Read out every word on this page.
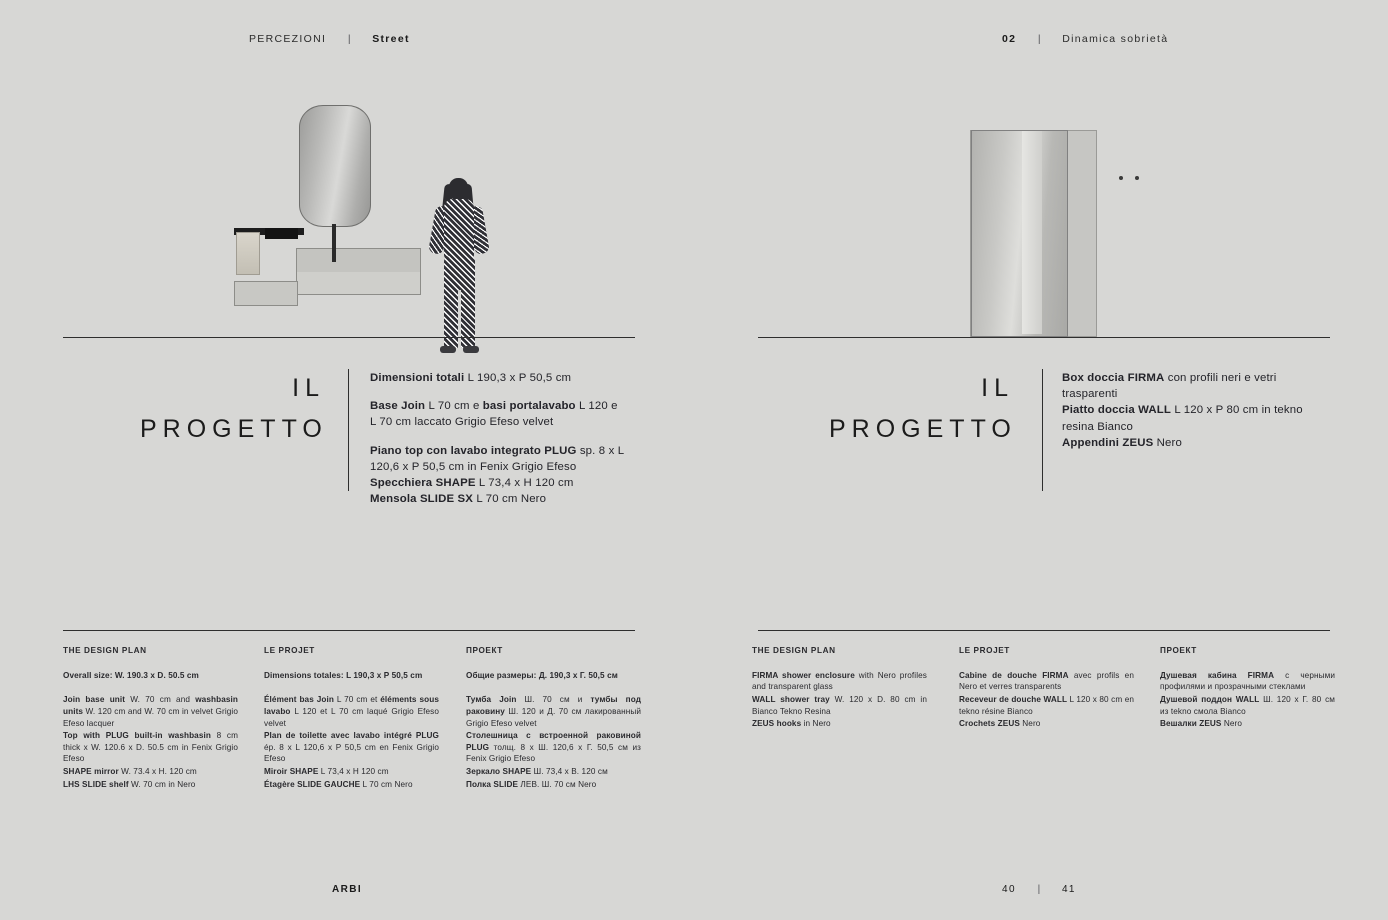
PERCEZIONI	|	Street	02	|	Dinamica sobrietà
IL
PROGETTO

Dimensioni totali L 190,3 x P 50,5 cm

Base Join L 70 cm e basi portalavabo L 120 e L 70 cm laccato Grigio Efeso velvet

Piano top con lavabo integrato PLUG sp. 8 x L 120,6 x P 50,5 cm in Fenix Grigio Efeso

Specchiera SHAPE L 73,4 x H 120 cm

Mensola SLIDE SX L 70 cm Nero

THE DESIGN PLAN
Overall size: W. 190.3 x D. 50.5 cm

Join base unit W. 70 cm and washbasin units W. 120 cm and W. 70 cm in velvet Grigio Efeso lacquer

Top with PLUG built-in washbasin 8 cm thick x W. 120.6 x D. 50.5 cm in Fenix Grigio Efeso

SHAPE mirror W. 73.4 x H. 120 cm

LHS SLIDE shelf W. 70 cm in Nero

LE PROJET
Dimensions totales: L 190,3 x P 50,5 cm

Élément bas Join L 70 cm et éléments sous lavabo L 120 et L 70 cm laqué Grigio Efeso velvet

Plan de toilette avec lavabo intégré PLUG ép. 8 x L 120,6 x P 50,5 cm en Fenix Grigio Efeso

Miroir SHAPE L 73,4 x H 120 cm

Étagère SLIDE GAUCHE L 70 cm Nero

ПРОЕКТ
Общие размеры: Д. 190,3 x Г. 50,5 см

Тумба Join Ш. 70 см и тумбы под раковину Ш. 120 и Д. 70 см лакированный Grigio Efeso velvet

Столешница с встроенной раковиной PLUG толщ. 8 x Ш. 120,6 x Г. 50,5 см из Fenix Grigio Efeso

Зеркало SHAPE Ш. 73,4 x В. 120 см

Полка SLIDE ЛЕВ. Ш. 70 см Nero

IL
PROGETTO

Box doccia FIRMA con profili neri e vetri trasparenti

Piatto doccia WALL L 120 x P 80 cm in tekno resina Bianco

Appendini ZEUS Nero

THE DESIGN PLAN

FIRMA shower enclosure with Nero profiles and transparent glass

WALL shower tray W. 120 x D. 80 cm in Bianco Tekno Resina

ZEUS hooks in Nero

LE PROJET

Cabine de douche FIRMA avec profils en Nero et verres transparents

Receveur de douche WALL L 120 x 80 cm en tekno résine Bianco

Crochets ZEUS Nero

ПРОЕКТ

Душевая кабина FIRMA с черными профилями и прозрачными стеклами

Душевой поддон WALL Ш. 120 x Г. 80 см из tekno смола Bianco

Вешалки ZEUS Nero

ARBI	40	|	41
